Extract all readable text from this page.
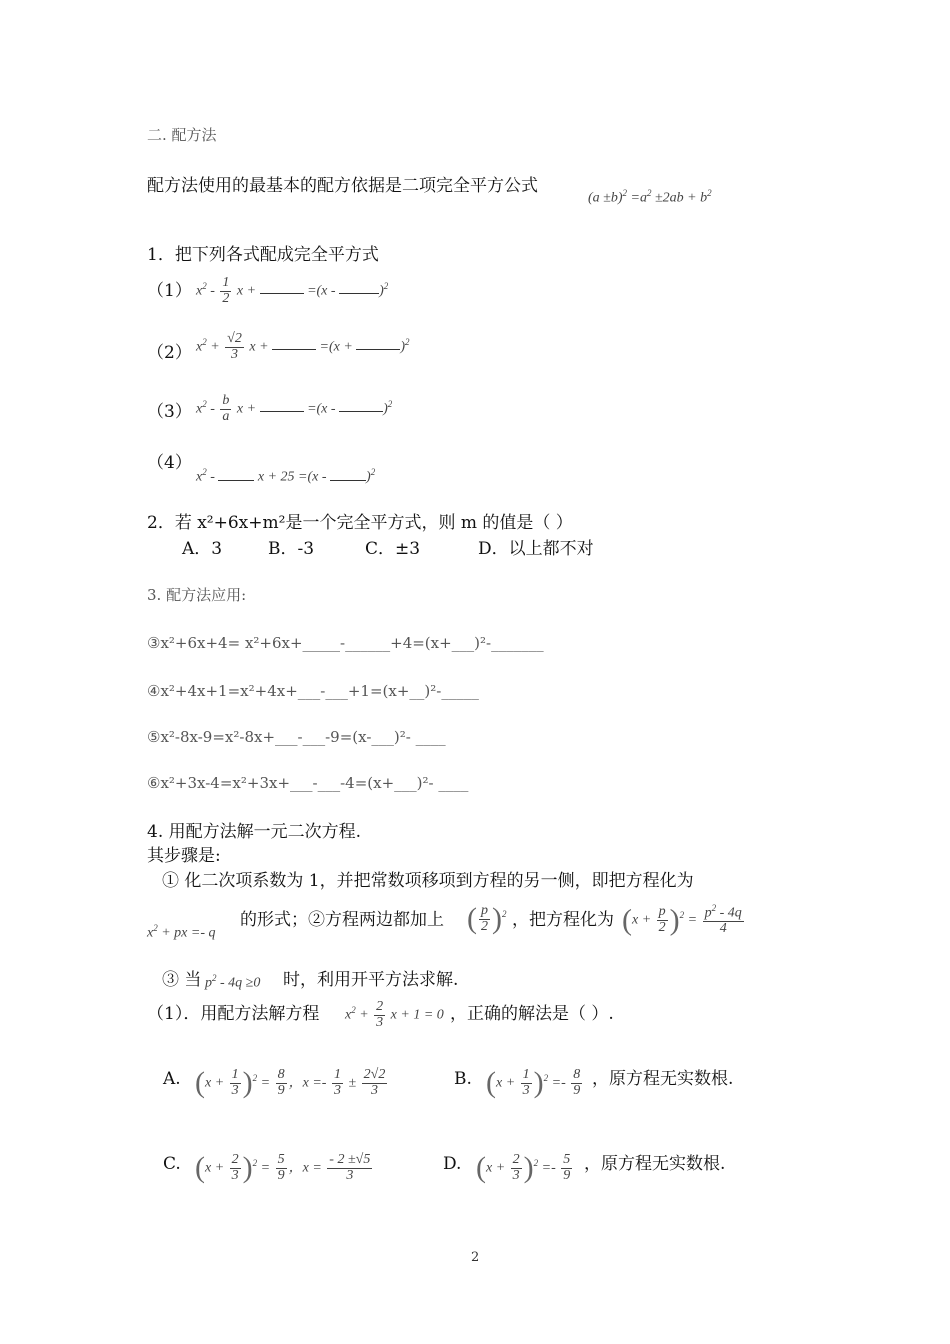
二. 配方法
配方法使用的最基本的配方依据是二项完全平方公式
$(a \pm b)^2 =a^2 \pm 2ab + b^2$
1．把下列各式配成完全平方式
（1） $x^2 - \frac{1}{2}$ x +	=(x -	)$^2$
（2） $x^2 + \frac{√2}{3}$ x +	=(x +	)$^2$
（3） $x^2 - \frac{b}{a}$ x +	=(x -	)$^2$
（4）
$x^2$ -	x + 25 =(x -	)$^2$
2．若 x²+6x+m²是一个完全平方式，则 m 的值是（ ）
A．3	B．-3	C．±3	D．以上都不对
3. 配方法应用:
③x²+6x+4= x²+6x+_____-______+4=(x+___)²-_______
④x²+4x+1=x²+4x+___-___+1=(x+__)²-_____
⑤x²-8x-9=x²-8x+___-___-9=(x-___)²- ____
⑥x²+3x-4=x²+3x+___-___-4=(x+___)²- ____
4. 用配方法解一元二次方程.
其步骤是:
① 化二次项系数为 1，并把常数项移项到方程的另一侧，即把方程化为
$x^2$ + px =- q
的形式；②方程两边都加上 ( $\frac{p}{2} )^2$ ，把方程化为 $(x + \frac{p}{2} )^2 = \frac{p^2 - 4q}{4}$
③ 当 $p^2 - 4q \ge 0$ 时，利用开平方法求解.
（1）．用配方法解方程 $x^2 + \frac{2}{3}$ x + 1 = 0 ，正确的解法是（ ）.
A. $(x + \frac{1}{3} )^2 = \frac{8}{9}$ ，$x =- \frac{1}{3} \pm \frac{2√2}{3}$	B. $(x + \frac{1}{3} )^2 =- \frac{8}{9}$ ，原方程无实数根.
C. $(x + \frac{2}{3} )^2 = \frac{5}{9}$ ，$x = \frac{- 2 \pm√5}{3}$	D. $(x + \frac{2}{3} )^2 =- \frac{5}{9}$ ，原方程无实数根.
2
